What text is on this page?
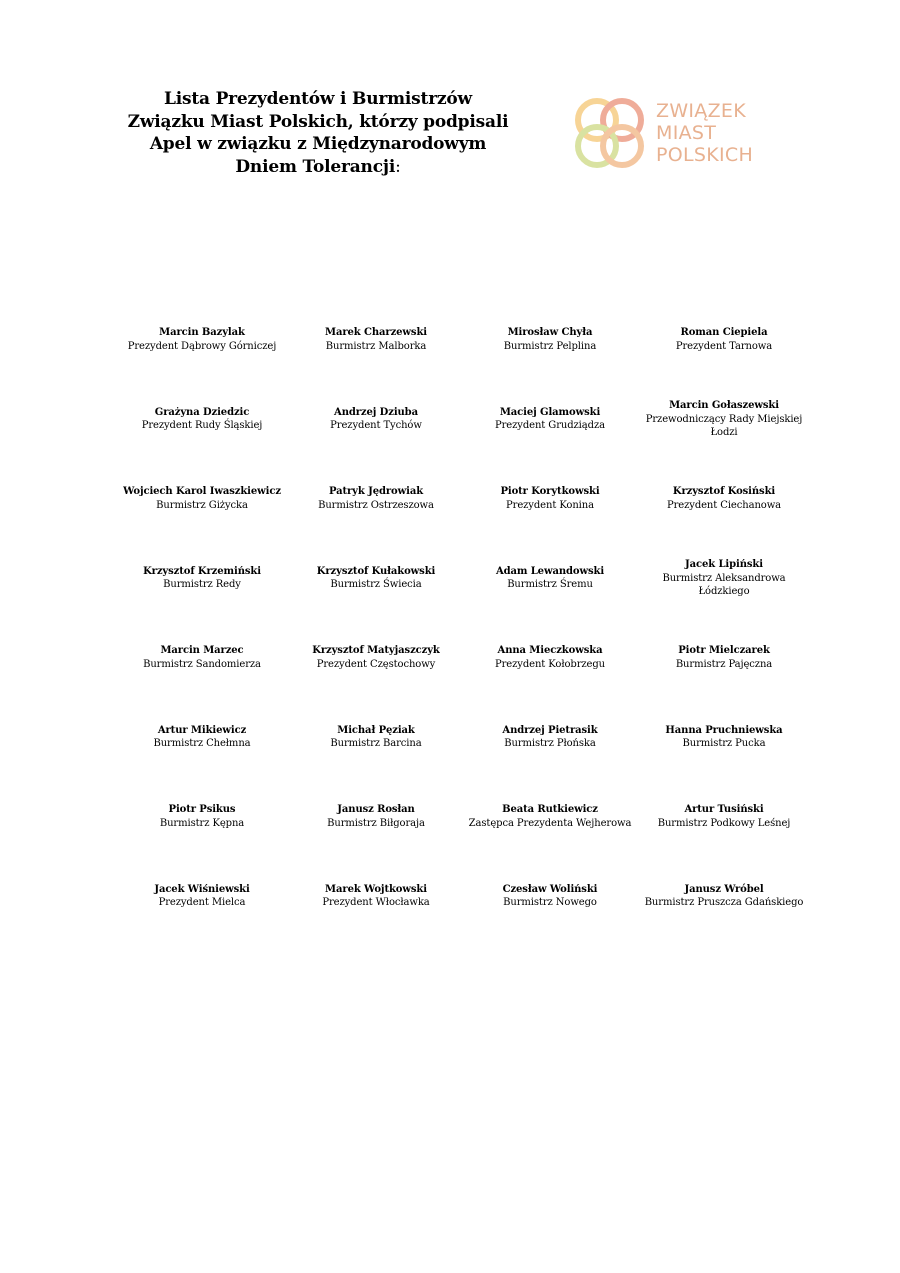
Lista Prezydentów i Burmistrzów
Związku Miast Polskich, którzy podpisali
Apel w związku z Międzynarodowym
Dniem Tolerancji:
ZWIĄZEK
MIAST
POLSKICH
Marcin Bazylak
Prezydent Dąbrowy Górniczej
Marek Charzewski
Burmistrz Malborka
Mirosław Chyła
Burmistrz Pelplina
Roman Ciepiela
Prezydent Tarnowa
Grażyna Dziedzic
Prezydent Rudy Śląskiej
Andrzej Dziuba
Prezydent Tychów
Maciej Glamowski
Prezydent Grudziądza
Marcin Gołaszewski
Przewodniczący Rady Miejskiej Łodzi
Wojciech Karol Iwaszkiewicz
Burmistrz Giżycka
Patryk Jędrowiak
Burmistrz Ostrzeszowa
Piotr Korytkowski
Prezydent Konina
Krzysztof Kosiński
Prezydent Ciechanowa
Krzysztof Krzemiński
Burmistrz Redy
Krzysztof Kułakowski
Burmistrz Świecia
Adam Lewandowski
Burmistrz Śremu
Jacek Lipiński
Burmistrz Aleksandrowa Łódzkiego
Marcin Marzec
Burmistrz Sandomierza
Krzysztof Matyjaszczyk
Prezydent Częstochowy
Anna Mieczkowska
Prezydent Kołobrzegu
Piotr Mielczarek
Burmistrz Pajęczna
Artur Mikiewicz
Burmistrz Chełmna
Michał Pęziak
Burmistrz Barcina
Andrzej Pietrasik
Burmistrz Płońska
Hanna Pruchniewska
Burmistrz Pucka
Piotr Psikus
Burmistrz Kępna
Janusz Rosłan
Burmistrz Biłgoraja
Beata Rutkiewicz
Zastępca Prezydenta Wejherowa
Artur Tusiński
Burmistrz Podkowy Leśnej
Jacek Wiśniewski
Prezydent Mielca
Marek Wojtkowski
Prezydent Włocławka
Czesław Woliński
Burmistrz Nowego
Janusz Wróbel
Burmistrz Pruszcza Gdańskiego
